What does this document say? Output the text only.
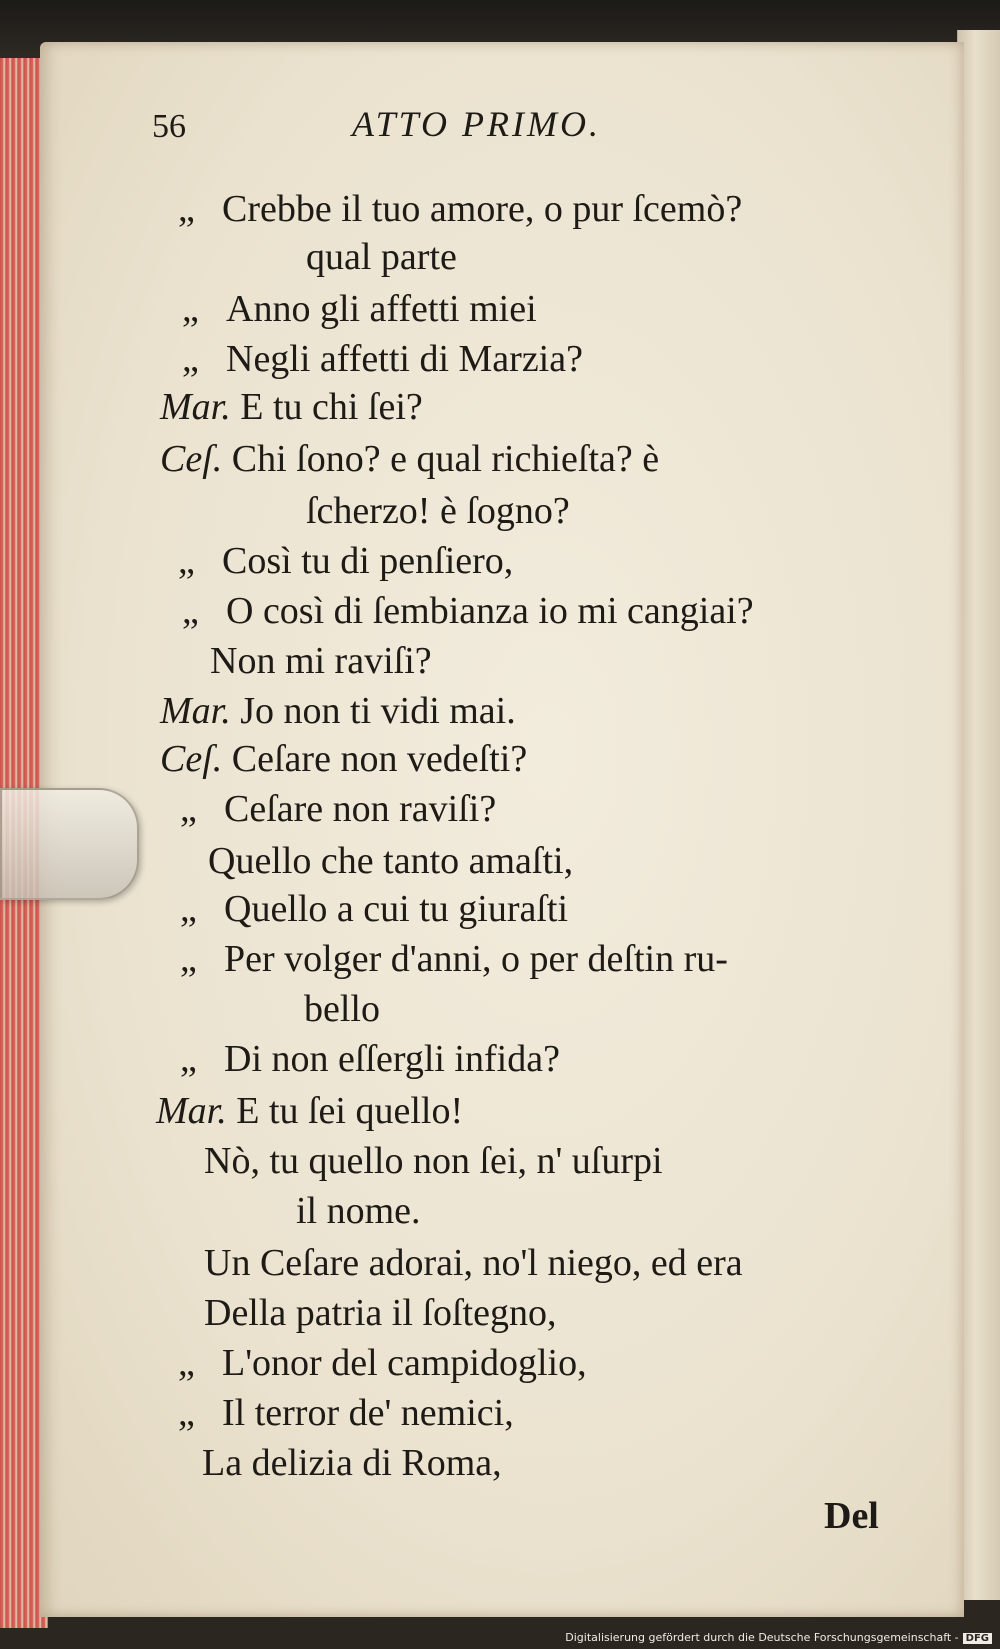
56	ATTO PRIMO.
„ Crebbe il tuo amore, o pur ſcemò?
qual parte
„ Anno gli affetti miei
„ Negli affetti di Marzia?
Mar. E tu chi ſei?
Ceſ. Chi ſono? e qual richieſta? è
ſcherzo! è ſogno?
„ Così tu di penſiero,
„ O così di ſembianza io mi cangiai?
Non mi raviſi?
Mar. Jo non ti vidi mai.
Ceſ. Ceſare non vedeſti?
„ Ceſare non raviſi?
Quello che tanto amaſti,
„ Quello a cui tu giuraſti
„ Per volger d'anni, o per deſtin ru-
bello
„ Di non eſſergli infida?
Mar. E tu ſei quello!
Nò, tu quello non ſei, n' uſurpi
il nome.
Un Ceſare adorai, no'l niego, ed era
Della patria il ſoſtegno,
„ L'onor del campidoglio,
„ Il terror de' nemici,
La delizia di Roma,
Del
Digitalisierung gefördert durch die Deutsche Forschungsgemeinschaft - DFG
